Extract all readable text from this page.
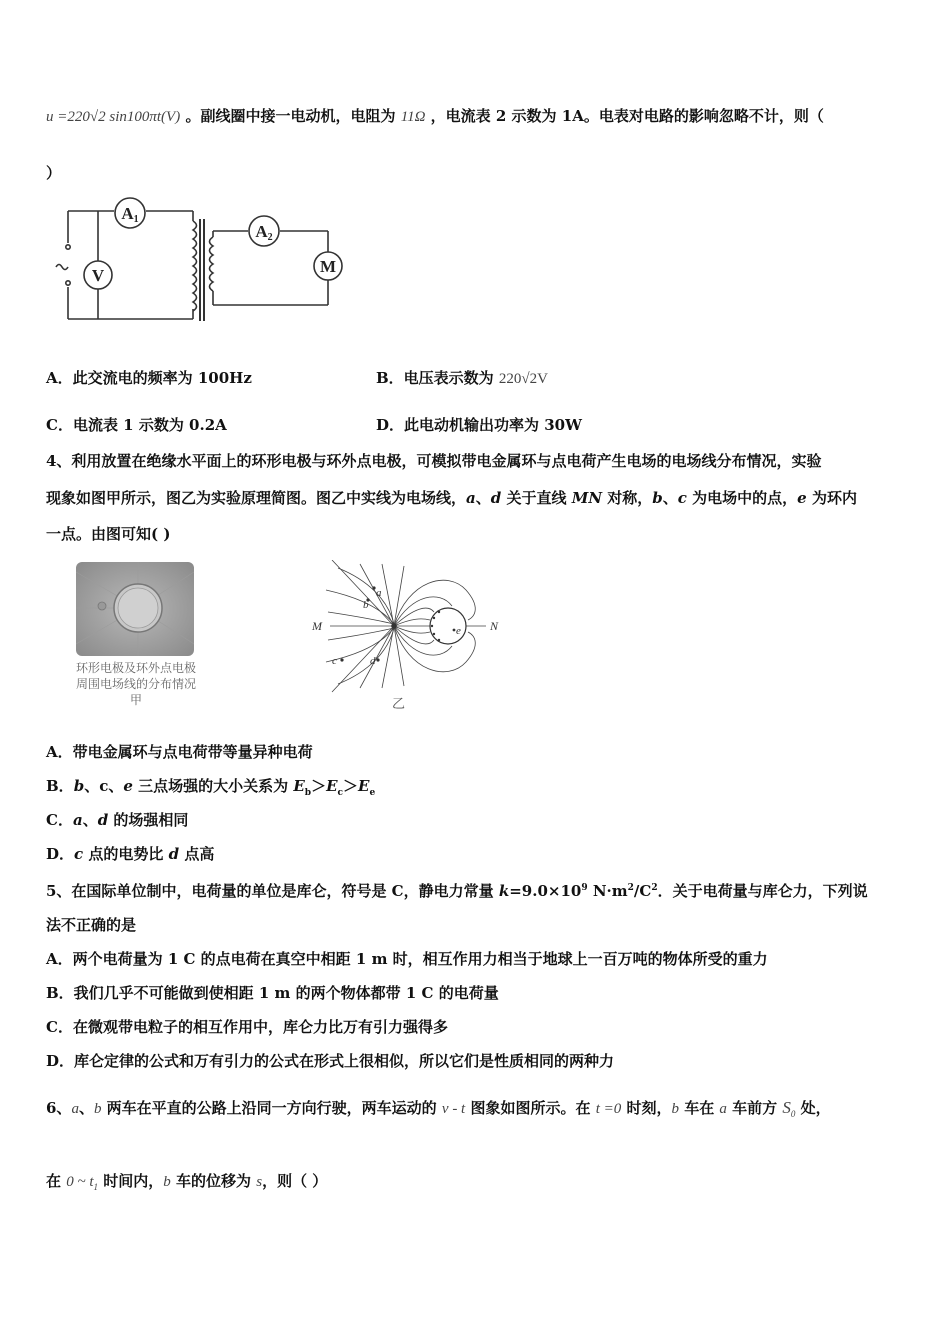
u =220√2 sin100πt(V) 。副线圈中接一电动机，电阻为 11Ω ，电流表 2 示数为 1A。电表对电路的影响忽略不计，则（
）
A1
V
A2
M
A．此交流电的频率为 100Hz	B．电压表示数为 220√2V
C．电流表 1 示数为 0.2A	D．此电动机输出功率为 30W
4、利用放置在绝缘水平面上的环形电极与环外点电极，可模拟带电金属环与点电荷产生电场的电场线分布情况，实验
现象如图甲所示，图乙为实验原理简图。图乙中实线为电场线，a、d 关于直线 MN 对称，b、c 为电场中的点，e 为环内
一点。由图可知( )
环形电极及环外点电极
周围电场线的分布情况
甲
M	N
a
b
c	d
e
乙
A．带电金属环与点电荷带等量异种电荷
B．b、c、e 三点场强的大小关系为 $E_b>E_c>E_e$
C．a、d 的场强相同
D．c 点的电势比 d 点高
5、在国际单位制中，电荷量的单位是库仑，符号是 C，静电力常量 $k=9.0\times 10^9$ $N\cdot m^2/C^2$．关于电荷量与库仑力，下列说
法不正确的是
A．两个电荷量为 1 C 的点电荷在真空中相距 1 m 时，相互作用力相当于地球上一百万吨的物体所受的重力
B．我们几乎不可能做到使相距 1 m 的两个物体都带 1 C 的电荷量
C．在微观带电粒子的相互作用中，库仑力比万有引力强得多
D．库仑定律的公式和万有引力的公式在形式上很相似，所以它们是性质相同的两种力
6、a、b 两车在平直的公路上沿同一方向行驶，两车运动的 v - t 图象如图所示。在 t =0 时刻，b 车在 a 车前方 $S_0$ 处，
在 0 ~ $t_1$ 时间内，b 车的位移为 s，则（ ）
